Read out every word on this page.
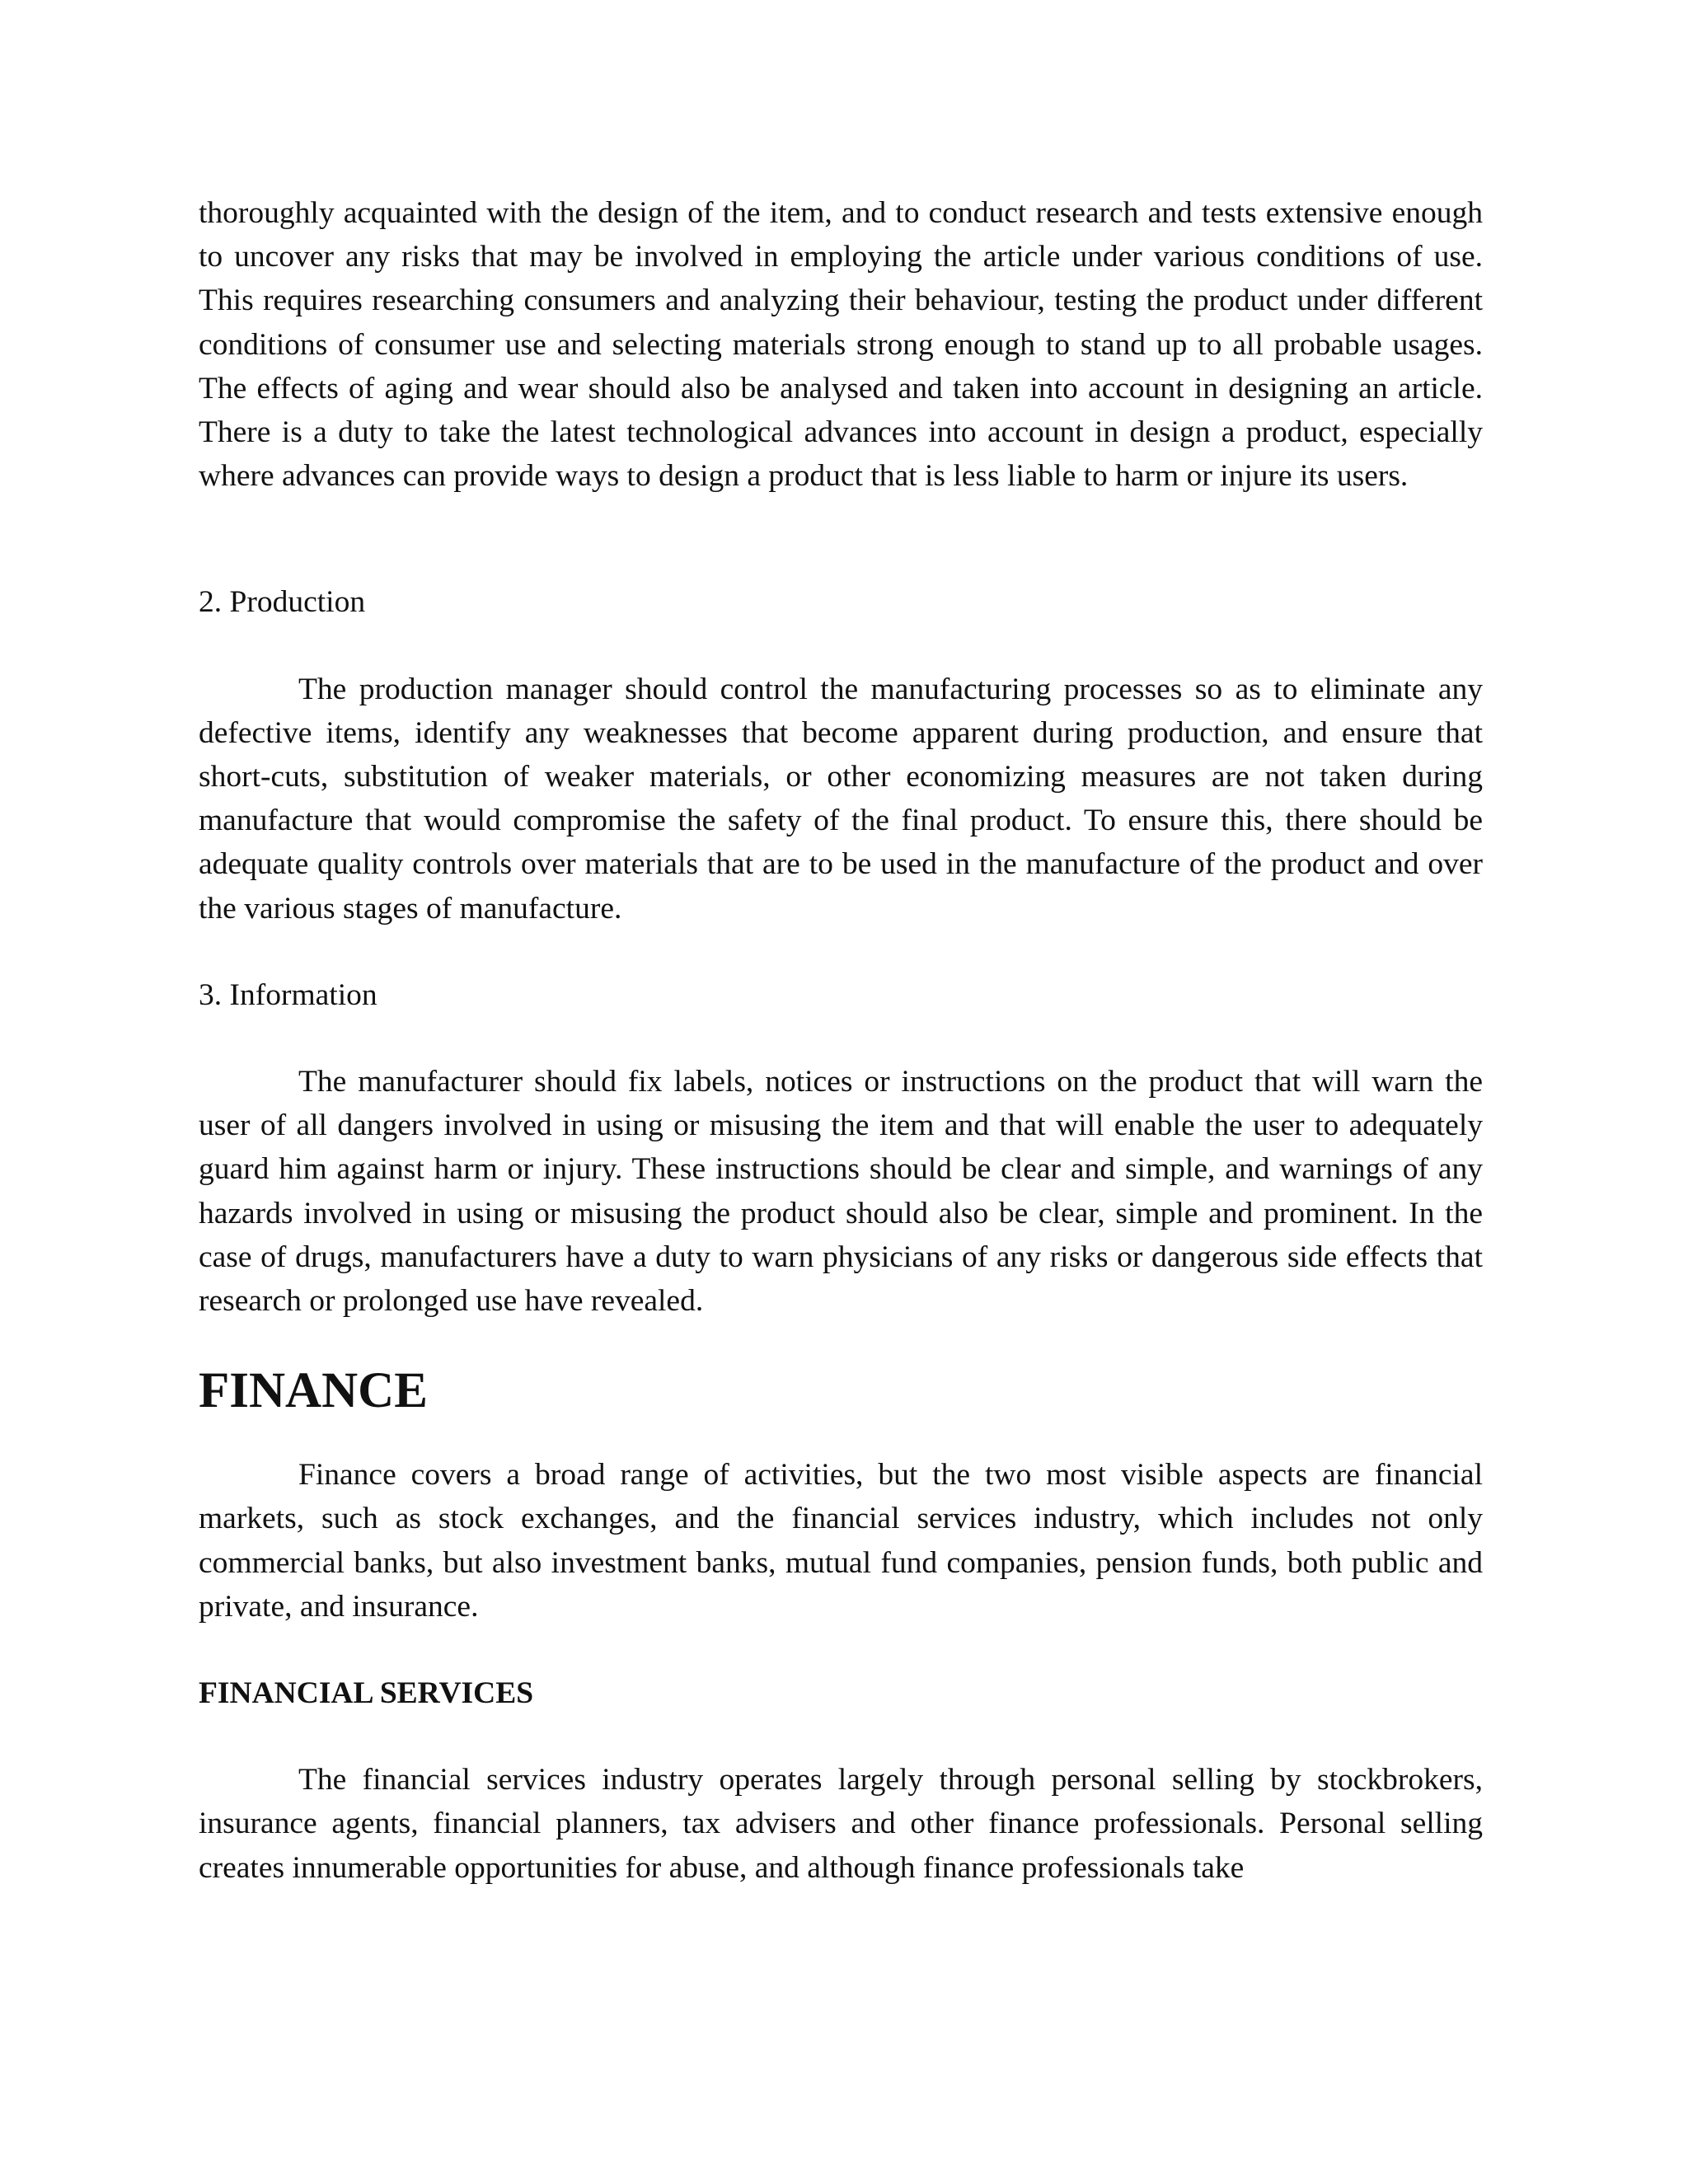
thoroughly acquainted with the design of the item, and to conduct research and tests extensive enough to uncover any risks that may be involved in employing the article under various conditions of use. This requires researching consumers and analyzing their behaviour, testing the product under different conditions of consumer use and selecting materials strong enough to stand up to all probable usages. The effects of aging and wear should also be analysed and taken into account in designing an article. There is a duty to take the latest technological advances into account in design a product, especially where advances can provide ways to design a product that is less liable to harm or injure its users.

2. Production

The production manager should control the manufacturing processes so as to eliminate any defective items, identify any weaknesses that become apparent during production, and ensure that short-cuts, substitution of weaker materials, or other economizing measures are not taken during manufacture that would compromise the safety of the final product. To ensure this, there should be adequate quality controls over materials that are to be used in the manufacture of the product and over the various stages of manufacture.

3. Information

The manufacturer should fix labels, notices or instructions on the product that will warn the user of all dangers involved in using or misusing the item and that will enable the user to adequately guard him against harm or injury. These instructions should be clear and simple, and warnings of any hazards involved in using or misusing the product should also be clear, simple and prominent. In the case of drugs, manufacturers have a duty to warn physicians of any risks or dangerous side effects that research or prolonged use have revealed.

FINANCE

Finance covers a broad range of activities, but the two most visible aspects are financial markets, such as stock exchanges, and the financial services industry, which includes not only commercial banks, but also investment banks, mutual fund companies, pension funds, both public and private, and insurance.

FINANCIAL SERVICES

The financial services industry operates largely through personal selling by stockbrokers, insurance agents, financial planners, tax advisers and other finance professionals. Personal selling creates innumerable opportunities for abuse, and although finance professionals take
